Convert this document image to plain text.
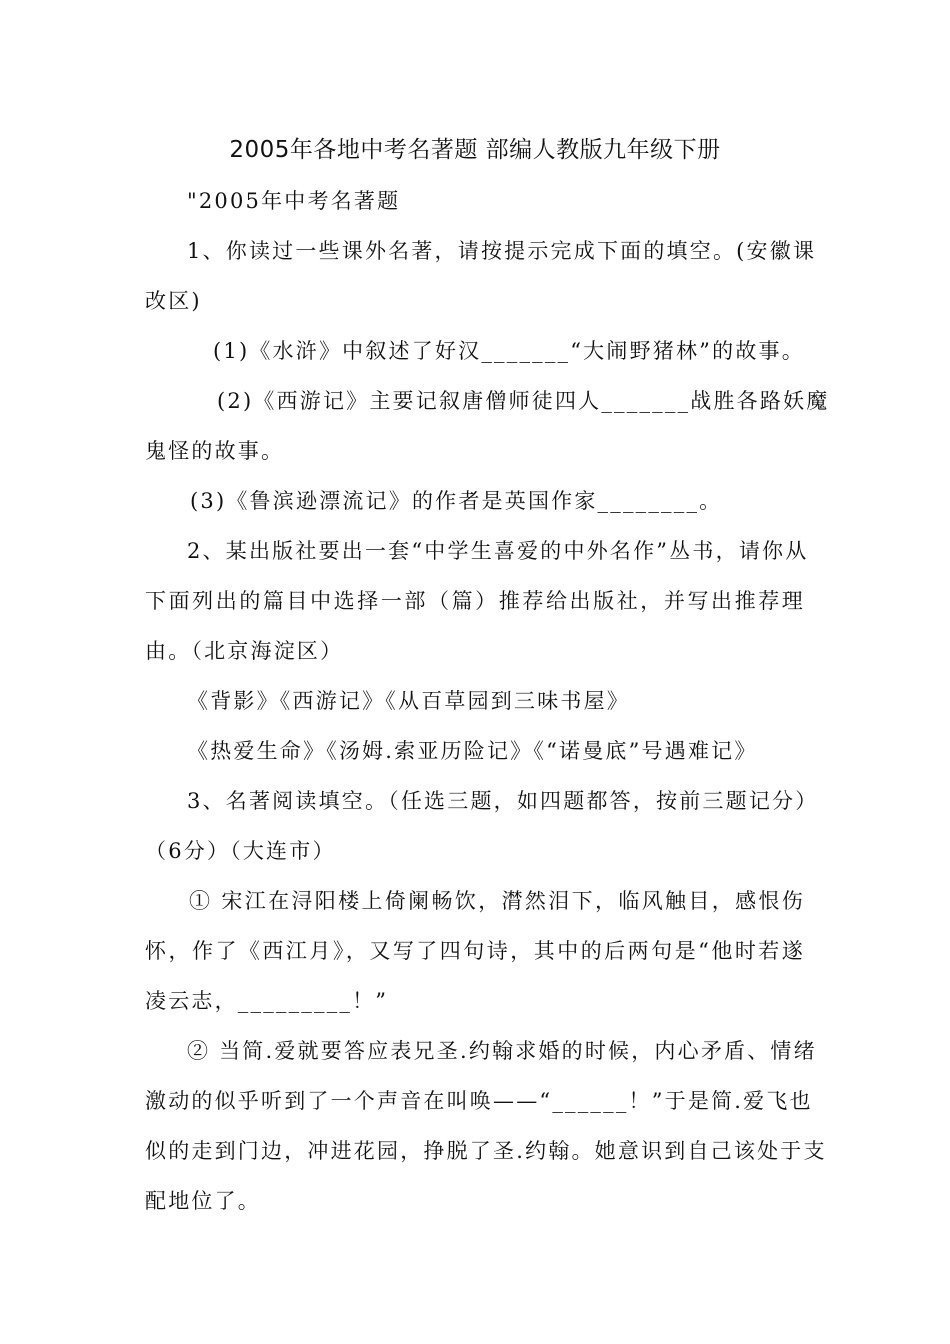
2005年各地中考名著题 部编人教版九年级下册
"2005年中考名著题
1、你读过一些课外名著，请按提示完成下面的填空。(安徽课
改区)
(1)《水浒》中叙述了好汉_______“大闹野猪林”的故事。
(2)《西游记》主要记叙唐僧师徒四人_______战胜各路妖魔
鬼怪的故事。
(3)《鲁滨逊漂流记》的作者是英国作家________。
2、某出版社要出一套“中学生喜爱的中外名作”丛书，请你从
下面列出的篇目中选择一部（篇）推荐给出版社，并写出推荐理
由。（北京海淀区）
《背影》《西游记》《从百草园到三味书屋》
《热爱生命》《汤姆.索亚历险记》《“诺曼底”号遇难记》
3、名著阅读填空。（任选三题，如四题都答，按前三题记分）
（6分）（大连市）
① 宋江在浔阳楼上倚阑畅饮，潸然泪下，临风触目，感恨伤
怀，作了《西江月》，又写了四句诗，其中的后两句是“他时若遂
凌云志，_________！”
② 当简.爱就要答应表兄圣.约翰求婚的时候，内心矛盾、情绪
激动的似乎听到了一个声音在叫唤——“______！”于是简.爱飞也
似的走到门边，冲进花园，挣脱了圣.约翰。她意识到自己该处于支
配地位了。
